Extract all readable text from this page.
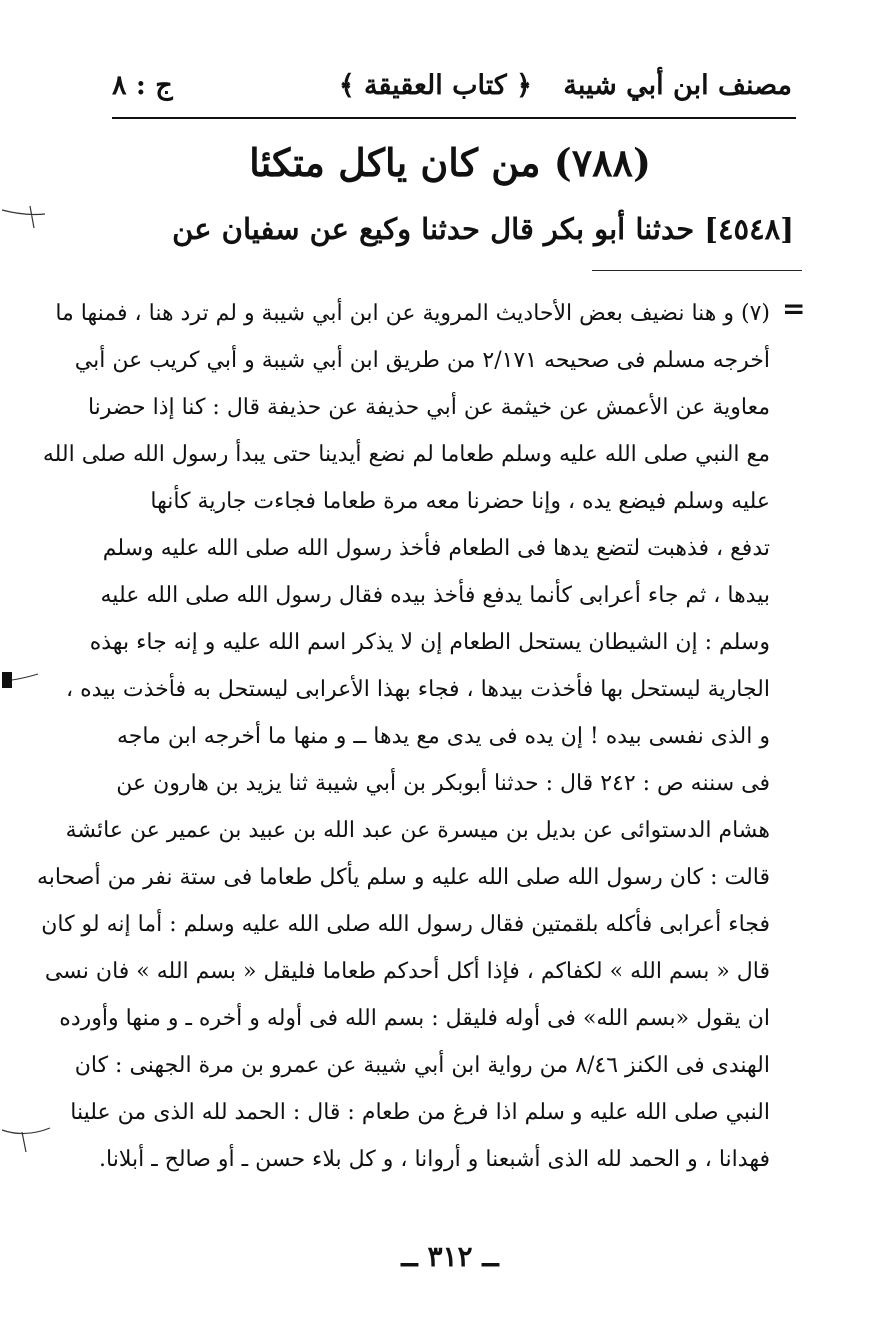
مصنف ابن أبي شيبة
﴿ كتاب العقيقة ﴾
ج : ٨
(٧٨٨) من كان ياكل متكئا
[٤٥٤٨] حدثنا أبو بكر قال حدثنا وكيع عن سفيان عن
=
(٧) و هنا نضيف بعض الأحاديث المروية عن ابن أبي شيبة و لم ترد هنا ، فمنها ما
أخرجه مسلم فى صحيحه ٢/١٧١ من طريق ابن أبي شيبة و أبي كريب عن أبي
معاوية عن الأعمش عن خيثمة عن أبي حذيفة عن حذيفة قال : كنا إذا حضرنا
مع النبي صلى الله عليه وسلم طعاما لم نضع أيدينا حتى يبدأ رسول الله صلى الله
عليه وسلم فيضع يده ، وإنا حضرنا معه مرة طعاما فجاءت جارية كأنها
تدفع ، فذهبت لتضع يدها فى الطعام فأخذ رسول الله صلى الله عليه وسلم
بيدها ، ثم جاء أعرابى كأنما يدفع فأخذ بيده فقال رسول الله صلى الله عليه
وسلم : إن الشيطان يستحل الطعام إن لا يذكر اسم الله عليه و إنه جاء بهذه
الجارية ليستحل بها فأخذت بيدها ، فجاء بهذا الأعرابى ليستحل به فأخذت بيده ،
و الذى نفسى بيده ! إن يده فى يدى مع يدها ــ و منها ما أخرجه ابن ماجه
فى سننه ص : ٢٤٢ قال : حدثنا أبوبكر بن أبي شيبة ثنا يزيد بن هارون عن
هشام الدستوائى عن بديل بن ميسرة عن عبد الله بن عبيد بن عمير عن عائشة
قالت : كان رسول الله صلى الله عليه و سلم يأكل طعاما فى ستة نفر من أصحابه
فجاء أعرابى فأكله بلقمتين فقال رسول الله صلى الله عليه وسلم : أما إنه لو كان
قال « بسم الله » لكفاكم ، فإذا أكل أحدكم طعاما فليقل « بسم الله » فان نسى
ان يقول «بسم الله» فى أوله فليقل : بسم الله فى أوله و أخره ـ و منها وأورده
الهندى فى الكنز ٨/٤٦ من رواية ابن أبي شيبة عن عمرو بن مرة الجهنى : كان
النبي صلى الله عليه و سلم اذا فرغ من طعام : قال : الحمد لله الذى من علينا
فهدانا ، و الحمد لله الذى أشبعنا و أروانا ، و كل بلاء حسن ـ أو صالح ـ أبلانا.
ــ ٣١٢ ــ
